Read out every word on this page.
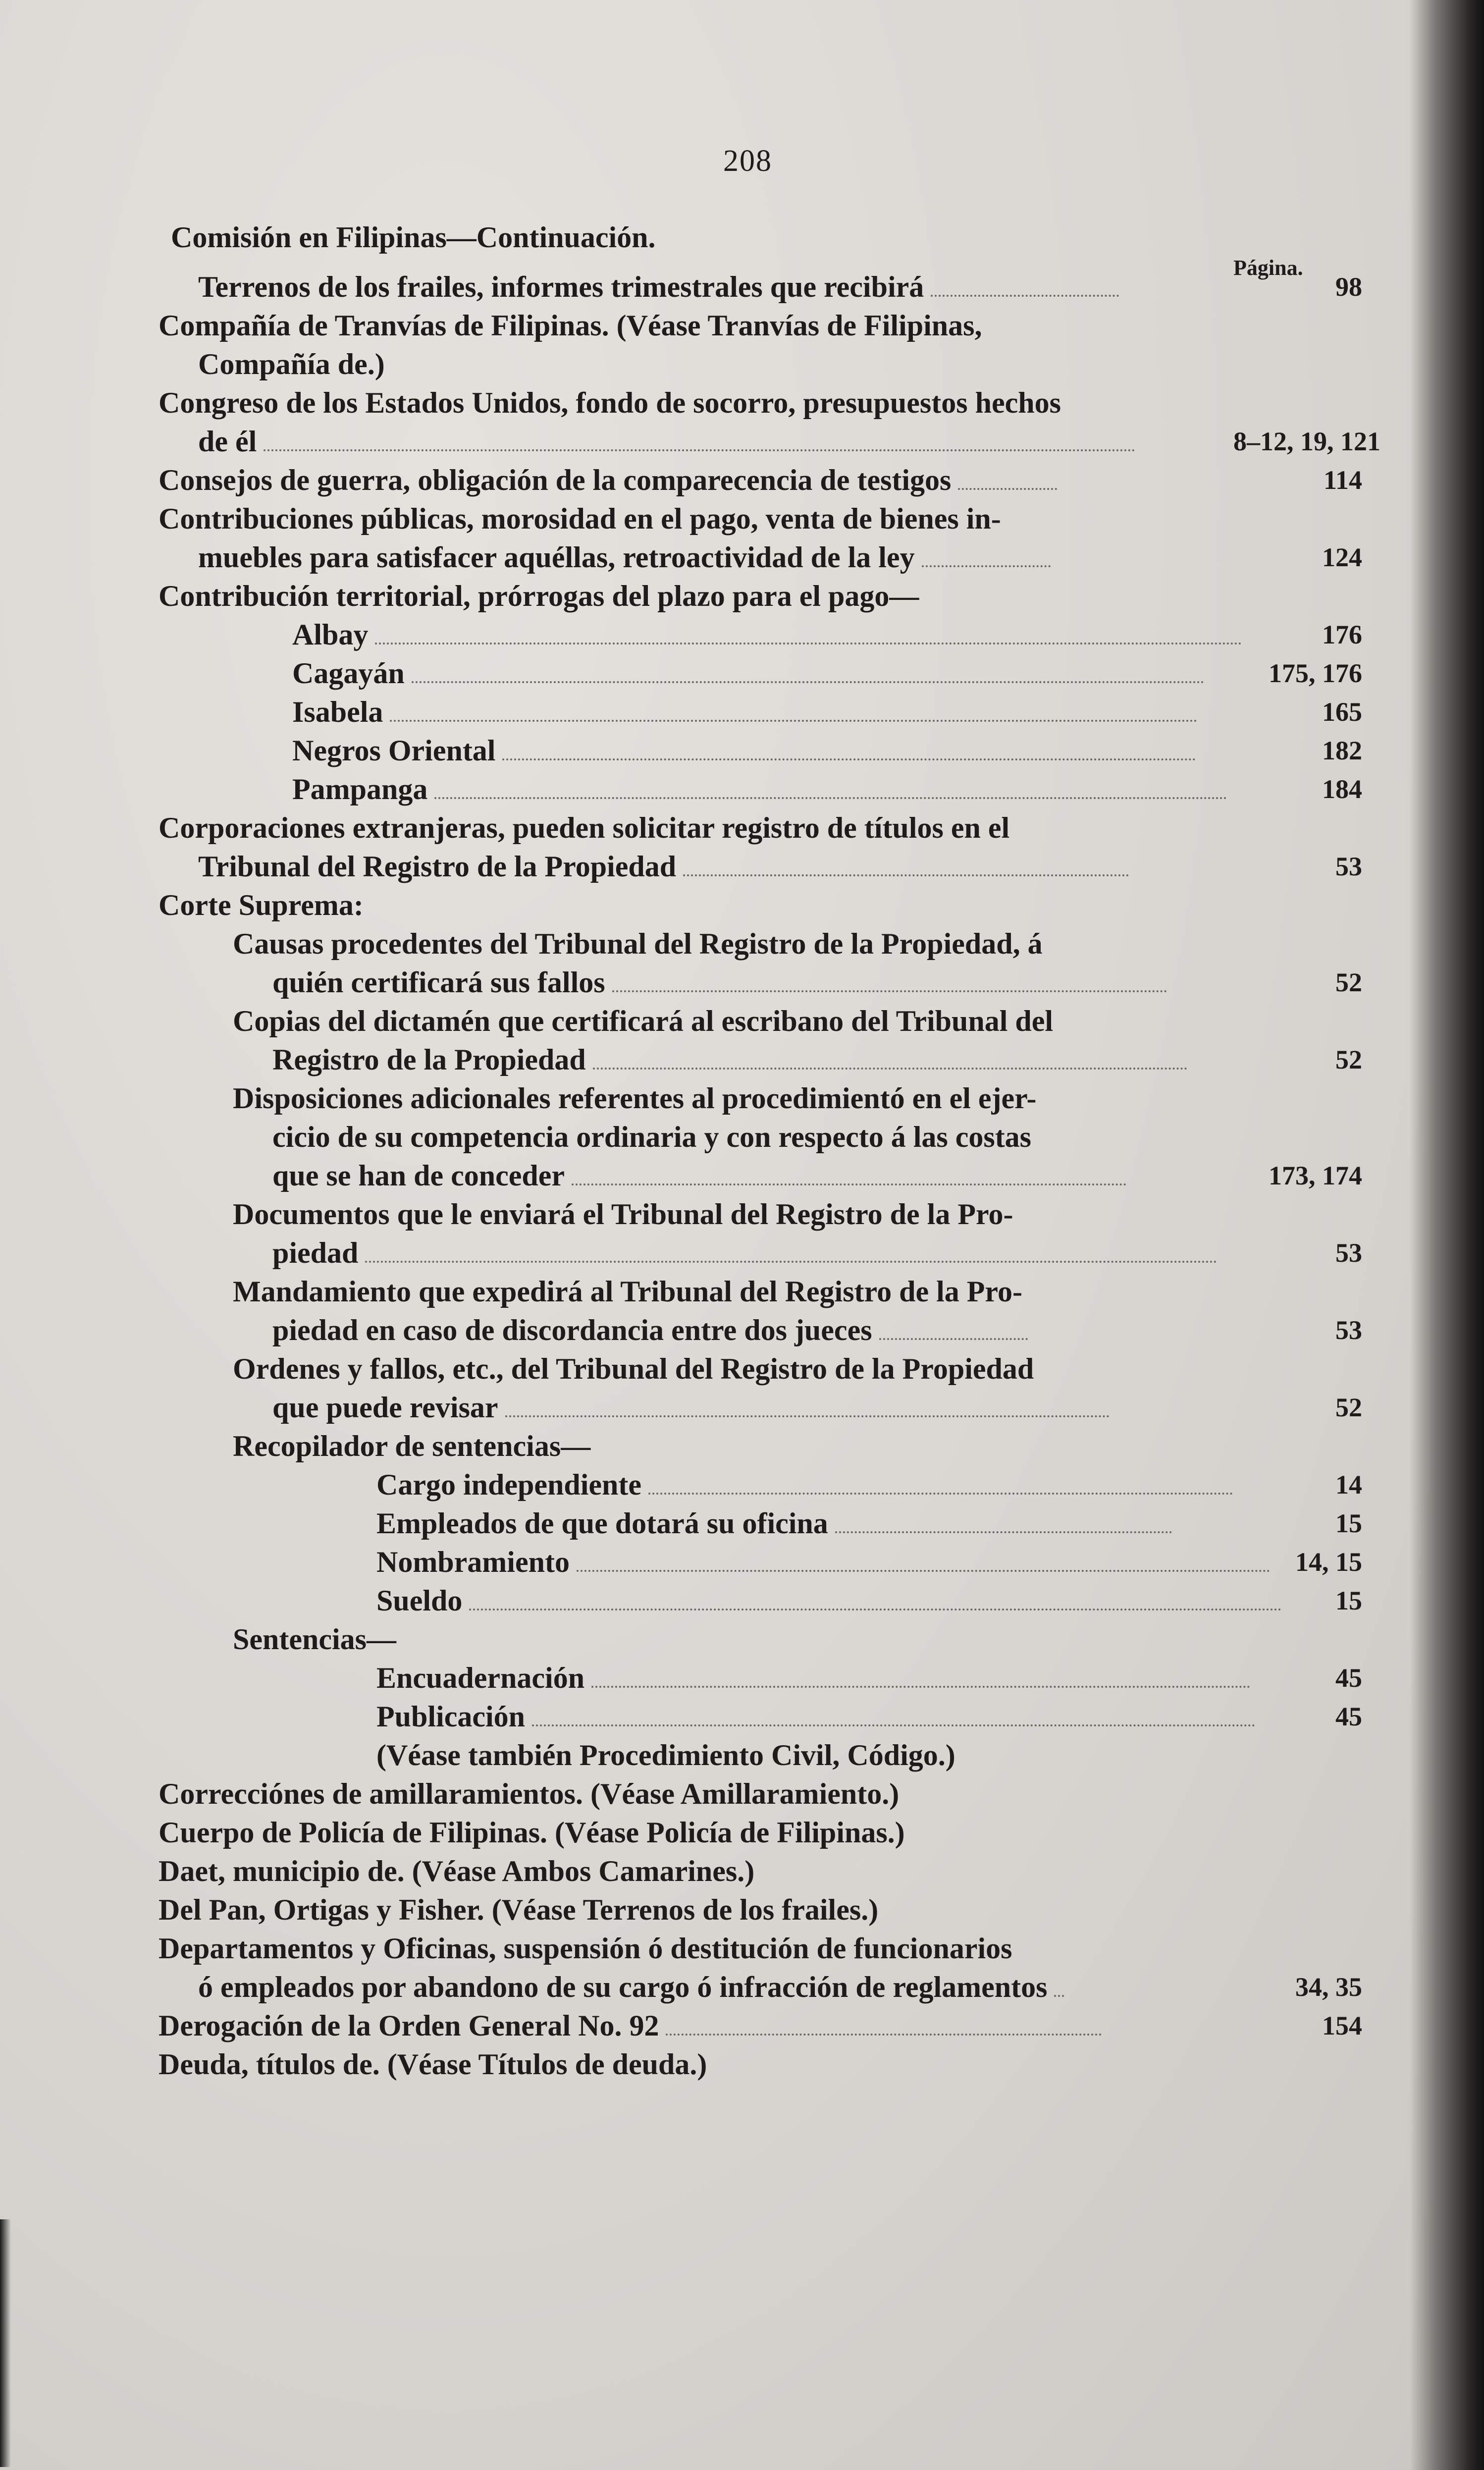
208
Comisión en Filipinas—Continuación.
Página.
Terrenos de los frailes, informes trimestrales que recibirá	98
Compañía de Tranvías de Filipinas. (Véase Tranvías de Filipinas,
Compañía de.)
Congreso de los Estados Unidos, fondo de socorro, presupuestos hechos
de él	8–12, 19, 121
Consejos de guerra, obligación de la comparecencia de testigos	114
Contribuciones públicas, morosidad en el pago, venta de bienes in-
muebles para satisfacer aquéllas, retroactividad de la ley	124
Contribución territorial, prórrogas del plazo para el pago—
Albay	176
Cagayán	175, 176
Isabela	165
Negros Oriental	182
Pampanga	184
Corporaciones extranjeras, pueden solicitar registro de títulos en el
Tribunal del Registro de la Propiedad	53
Corte Suprema:
Causas procedentes del Tribunal del Registro de la Propiedad, á
quién certificará sus fallos	52
Copias del dictamén que certificará al escribano del Tribunal del
Registro de la Propiedad	52
Disposiciones adicionales referentes al procedimientó en el ejer-
cicio de su competencia ordinaria y con respecto á las costas
que se han de conceder	173, 174
Documentos que le enviará el Tribunal del Registro de la Pro-
piedad	53
Mandamiento que expedirá al Tribunal del Registro de la Pro-
piedad en caso de discordancia entre dos jueces	53
Ordenes y fallos, etc., del Tribunal del Registro de la Propiedad
que puede revisar	52
Recopilador de sentencias—
Cargo independiente	14
Empleados de que dotará su oficina	15
Nombramiento	14, 15
Sueldo	15
Sentencias—
Encuadernación	45
Publicación	45
(Véase también Procedimiento Civil, Código.)
Correcciónes de amillaramientos. (Véase Amillaramiento.)
Cuerpo de Policía de Filipinas. (Véase Policía de Filipinas.)
Daet, municipio de. (Véase Ambos Camarines.)
Del Pan, Ortigas y Fisher. (Véase Terrenos de los frailes.)
Departamentos y Oficinas, suspensión ó destitución de funcionarios
ó empleados por abandono de su cargo ó infracción de reglamentos	34, 35
Derogación de la Orden General No. 92	154
Deuda, títulos de. (Véase Títulos de deuda.)
